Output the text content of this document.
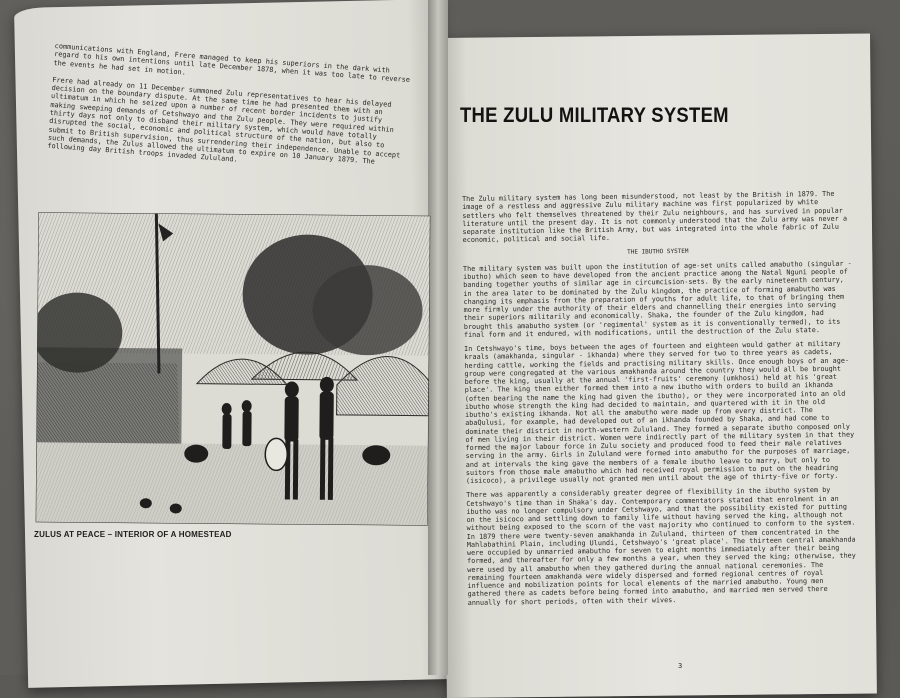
communications with England, Frere managed to keep his superiors in the dark with regard to his own intentions until late December 1878, when it was too late to reverse the events he had set in motion.

Frere had already on 11 December summoned Zulu representatives to hear his delayed decision on the boundary dispute. At the same time he had presented them with an ultimatum in which he seized upon a number of recent border incidents to justify making sweeping demands of Cetshwayo and the Zulu people. They were required within thirty days not only to disband their military system, which would have totally disrupted the social, economic and political structure of the nation, but also to submit to British supervision, thus surrendering their independence. Unable to accept such demands, the Zulus allowed the ultimatum to expire on 10 January 1879. The following day British troops invaded Zululand.

ZULUS AT PEACE – INTERIOR OF A HOMESTEAD
THE ZULU MILITARY SYSTEM

The Zulu military system has long been misunderstood, not least by the British in 1879. The image of a restless and aggressive Zulu military machine was first popularized by white settlers who felt themselves threatened by their Zulu neighbours, and has survived in popular literature until the present day. It is not commonly understood that the Zulu army was never a separate institution like the British Army, but was integrated into the whole fabric of Zulu economic, political and social life.

THE IBUTHO SYSTEM

The military system was built upon the institution of age-set units called amabutho (singular - ibutho) which seem to have developed from the ancient practice among the Natal Nguni people of banding together youths of similar age in circumcision-sets. By the early nineteenth century, in the area later to be dominated by the Zulu kingdom, the practice of forming amabutho was changing its emphasis from the preparation of youths for adult life, to that of bringing them more firmly under the authority of their elders and channelling their energies into serving their superiors militarily and economically. Shaka, the founder of the Zulu kingdom, had brought this amabutho system (or 'regimental' system as it is conventionally termed), to its final form and it endured, with modifications, until the destruction of the Zulu state.

In Cetshwayo's time, boys between the ages of fourteen and eighteen would gather at military kraals (amakhanda, singular - ikhanda) where they served for two to three years as cadets, herding cattle, working the fields and practising military skills. Once enough boys of an age-group were congregated at the various amakhanda around the country they would all be brought before the king, usually at the annual 'first-fruits' ceremony (umkhosi) held at his 'great place'. The king then either formed them into a new ibutho with orders to build an ikhanda (often bearing the name the king had given the ibutho), or they were incorporated into an old ibutho whose strength the king had decided to maintain, and quartered with it in the old ibutho's existing ikhanda. Not all the amabutho were made up from every district. The abaQulusi, for example, had developed out of an ikhanda founded by Shaka, and had come to dominate their district in north-western Zululand. They formed a separate ibutho composed only of men living in their district. Women were indirectly part of the military system in that they formed the major labour force in Zulu society and produced food to feed their male relatives serving in the army. Girls in Zululand were formed into amabutho for the purposes of marriage, and at intervals the king gave the members of a female ibutho leave to marry, but only to suitors from those male amabutho which had received royal permission to put on the headring (isicoco), a privilege usually not granted men until about the age of thirty-five or forty.

There was apparently a considerably greater degree of flexibility in the ibutho system by Cetshwayo's time than in Shaka's day. Contemporary commentators stated that enrolment in an ibutho was no longer compulsory under Cetshwayo, and that the possibility existed for putting on the isicoco and settling down to family life without having served the king, although not without being exposed to the scorn of the vast majority who continued to conform to the system. In 1879 there were twenty-seven amakhanda in Zululand, thirteen of them concentrated in the Mahlabathini Plain, including Ulundi, Cetshwayo's 'great place'. The thirteen central amakhanda were occupied by unmarried amabutho for seven to eight months immediately after their being formed, and thereafter for only a few months a year, when they served the king; otherwise, they were used by all amabutho when they gathered during the annual national ceremonies. The remaining fourteen amakhanda were widely dispersed and formed regional centres of royal influence and mobilization points for local elements of the married amabutho. Young men gathered there as cadets before being formed into amabutho, and married men served there annually for short periods, often with their wives.

3
